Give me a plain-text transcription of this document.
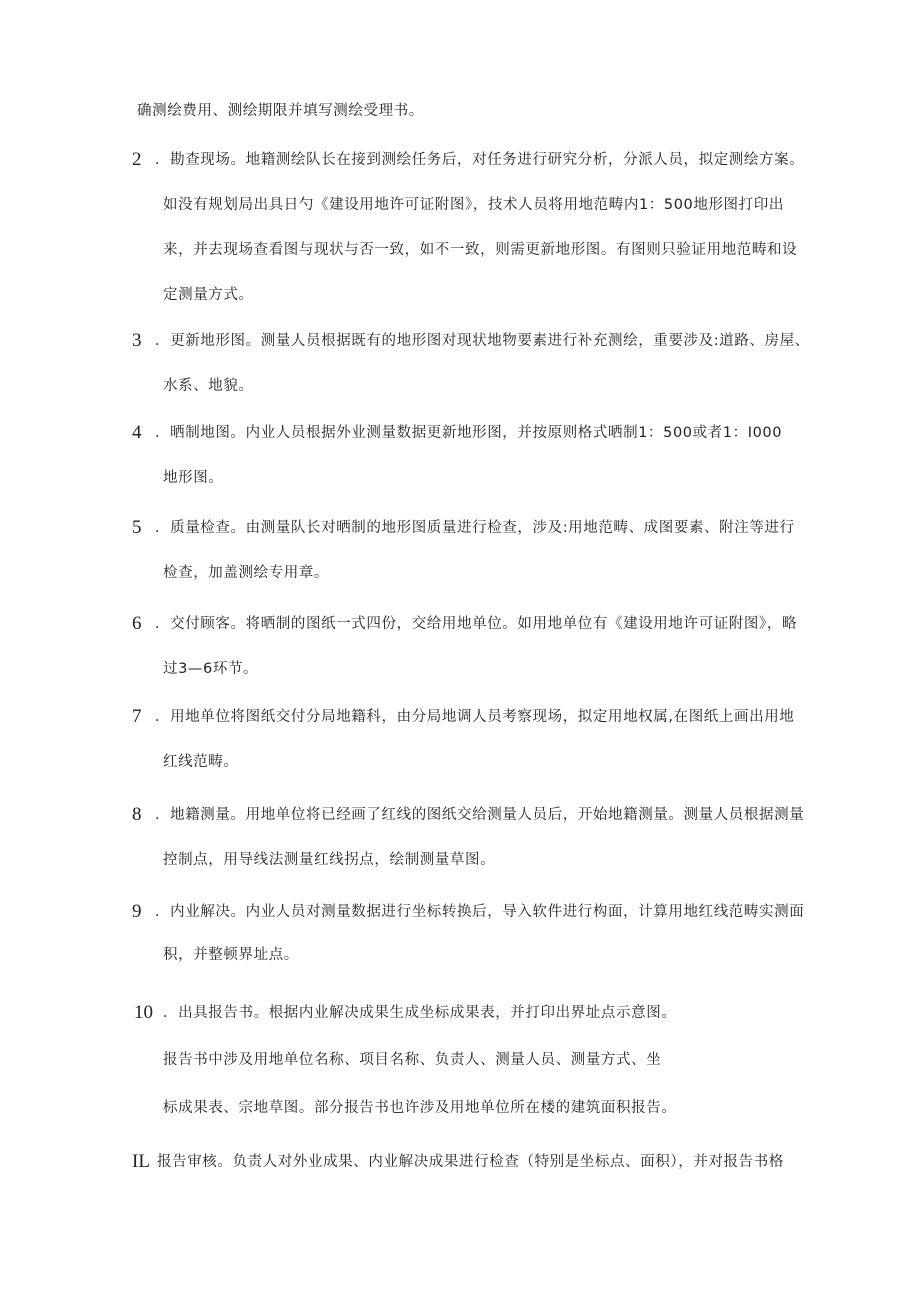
确测绘费用、测绘期限并填写测绘受理书。
2 ．勘查现场。地籍测绘队长在接到测绘任务后，对任务进行研究分析，分派人员，拟定测绘方案。
如没有规划局出具日勺《建设用地许可证附图》，技术人员将用地范畴内1：500地形图打印出
来，并去现场查看图与现状与否一致，如不一致，则需更新地形图。有图则只验证用地范畴和设
定测量方式。
3 ．更新地形图。测量人员根据既有的地形图对现状地物要素进行补充测绘，重要涉及:道路、房屋、
水系、地貌。
4 ．晒制地图。内业人员根据外业测量数据更新地形图，并按原则格式晒制1：500或者1：I000
地形图。
5 ．质量检查。由测量队长对晒制的地形图质量进行检查，涉及:用地范畴、成图要素、附注等进行
检查，加盖测绘专用章。
6 ．交付顾客。将晒制的图纸一式四份，交给用地单位。如用地单位有《建设用地许可证附图》，略
过3—6环节。
7 ．用地单位将图纸交付分局地籍科，由分局地调人员考察现场，拟定用地权属,在图纸上画出用地
红线范畴。
8 ．地籍测量。用地单位将已经画了红线的图纸交给测量人员后，开始地籍测量。测量人员根据测量
控制点，用导线法测量红线拐点，绘制测量草图。
9 ．内业解决。内业人员对测量数据进行坐标转换后，导入软件进行构面，计算用地红线范畴实测面
积，并整顿界址点。
10 ．出具报告书。根据内业解决成果生成坐标成果表，并打印出界址点示意图。
报告书中涉及用地单位名称、项目名称、负责人、测量人员、测量方式、坐
标成果表、宗地草图。部分报告书也许涉及用地单位所在楼的建筑面积报告。
IL 报告审核。负责人对外业成果、内业解决成果进行检查（特别是坐标点、面积），并对报告书格
